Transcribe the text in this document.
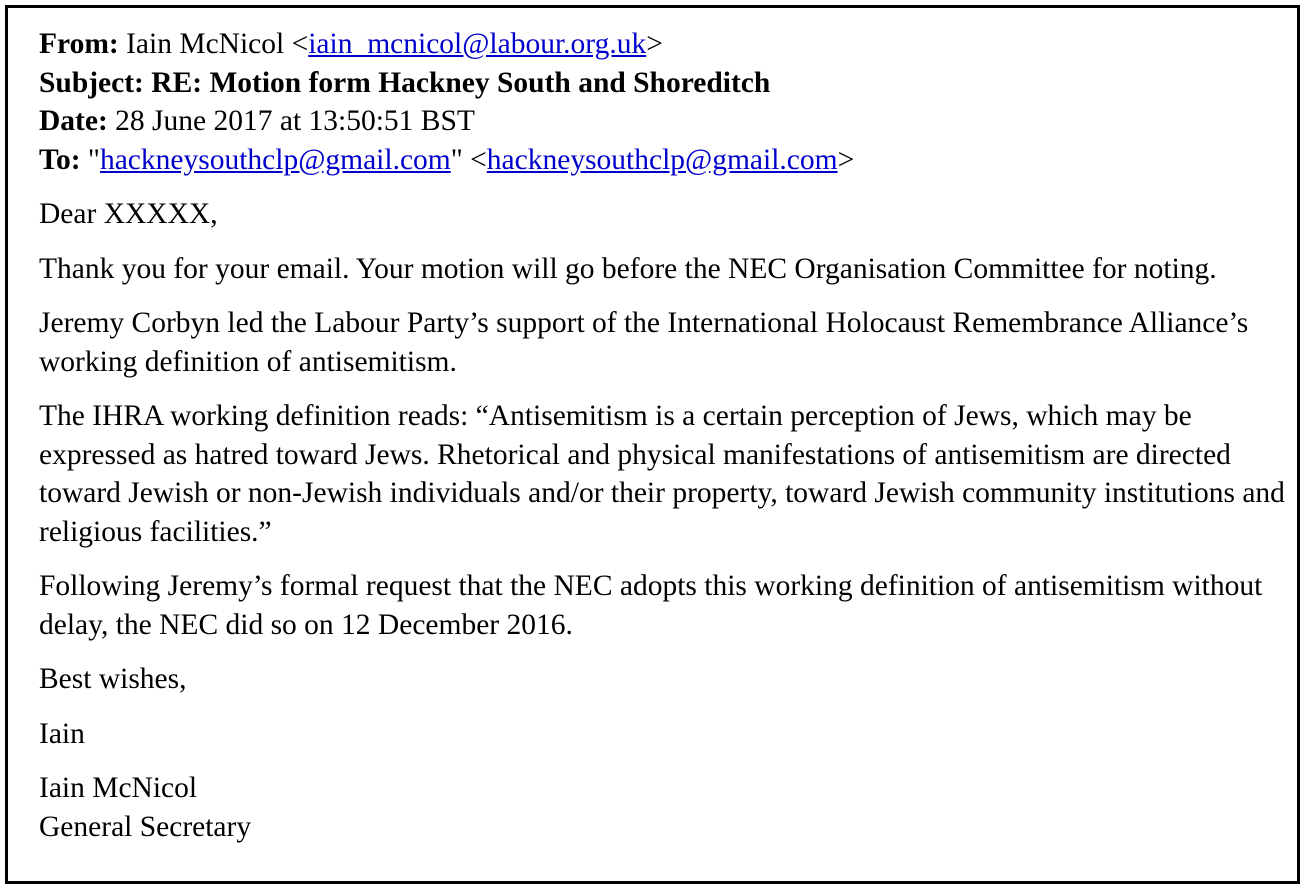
From: Iain McNicol <iain_mcnicol@labour.org.uk>
Subject: RE: Motion form Hackney South and Shoreditch
Date: 28 June 2017 at 13:50:51 BST
To: "hackneysouthclp@gmail.com" <hackneysouthclp@gmail.com>

Dear XXXXX,

Thank you for your email. Your motion will go before the NEC Organisation Committee for noting.

Jeremy Corbyn led the Labour Party’s support of the International Holocaust Remembrance Alliance’s working definition of antisemitism.

The IHRA working definition reads: “Antisemitism is a certain perception of Jews, which may be expressed as hatred toward Jews. Rhetorical and physical manifestations of antisemitism are directed toward Jewish or non-Jewish individuals and/or their property, toward Jewish community institutions and religious facilities.”

Following Jeremy’s formal request that the NEC adopts this working definition of antisemitism without delay, the NEC did so on 12 December 2016.

Best wishes,

Iain

Iain McNicol
General Secretary
